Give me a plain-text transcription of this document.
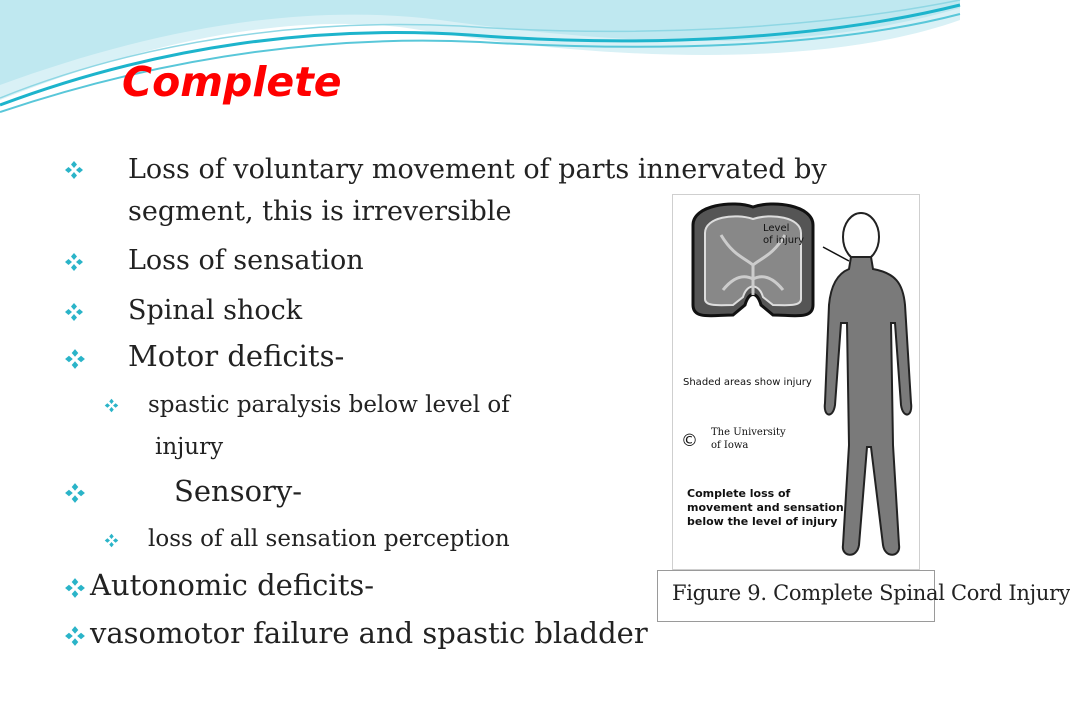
Complete
Loss of voluntary movement of parts innervated by
segment, this is irreversible
Loss of sensation
Spinal shock
Motor deficits-
spastic paralysis below level of
injury
Sensory-
loss of all sensation perception
Autonomic deficits-
vasomotor failure and spastic bladder
Level
of injury
Shaded areas show injury
© The University
of Iowa
Complete loss of
movement and sensation
below the level of injury
Figure 9. Complete Spinal Cord Injury
